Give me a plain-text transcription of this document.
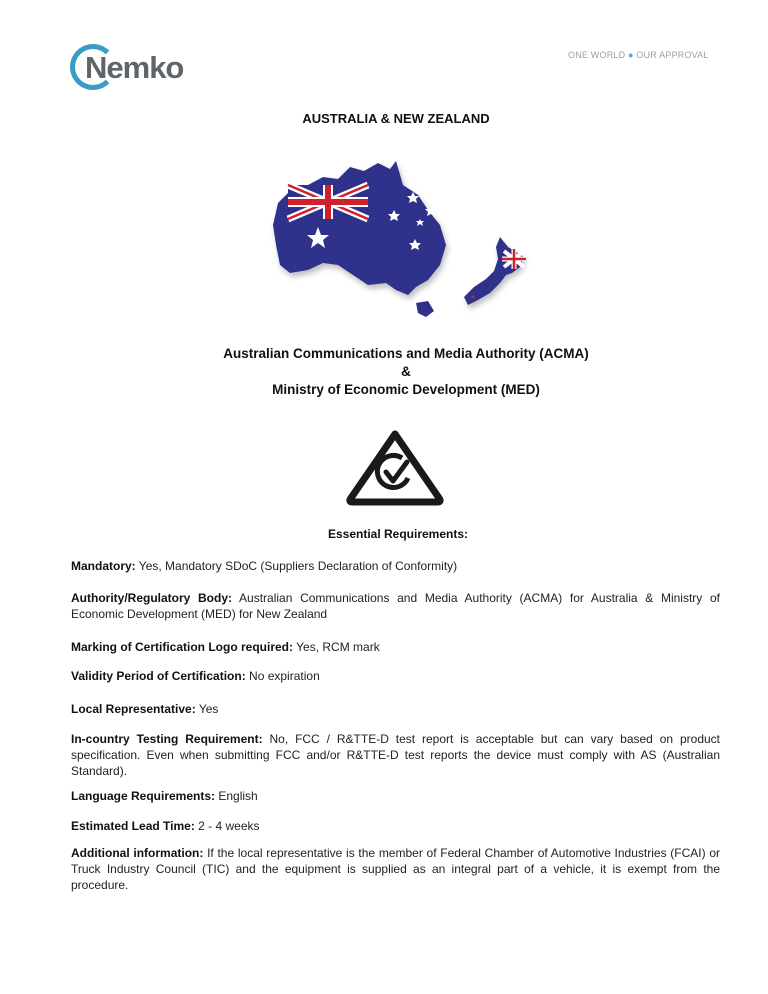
Nemko	ONE WORLD ● OUR APPROVAL
AUSTRALIA & NEW ZEALAND
Australian Communications and Media Authority (ACMA)
&
Ministry of Economic Development (MED)
Essential Requirements:
Mandatory: Yes, Mandatory SDoC (Suppliers Declaration of Conformity)
Authority/Regulatory Body: Australian Communications and Media Authority (ACMA) for Australia & Ministry of Economic Development (MED) for New Zealand
Marking of Certification Logo required: Yes, RCM mark
Validity Period of Certification: No expiration
Local Representative: Yes
In-country Testing Requirement: No, FCC / R&TTE-D test report is acceptable but can vary based on product specification. Even when submitting FCC and/or R&TTE-D test reports the device must comply with AS (Australian Standard).
Language Requirements: English
Estimated Lead Time: 2 - 4 weeks
Additional information: If the local representative is the member of Federal Chamber of Automotive Industries (FCAI) or Truck Industry Council (TIC) and the equipment is supplied as an integral part of a vehicle, it is exempt from the procedure.
